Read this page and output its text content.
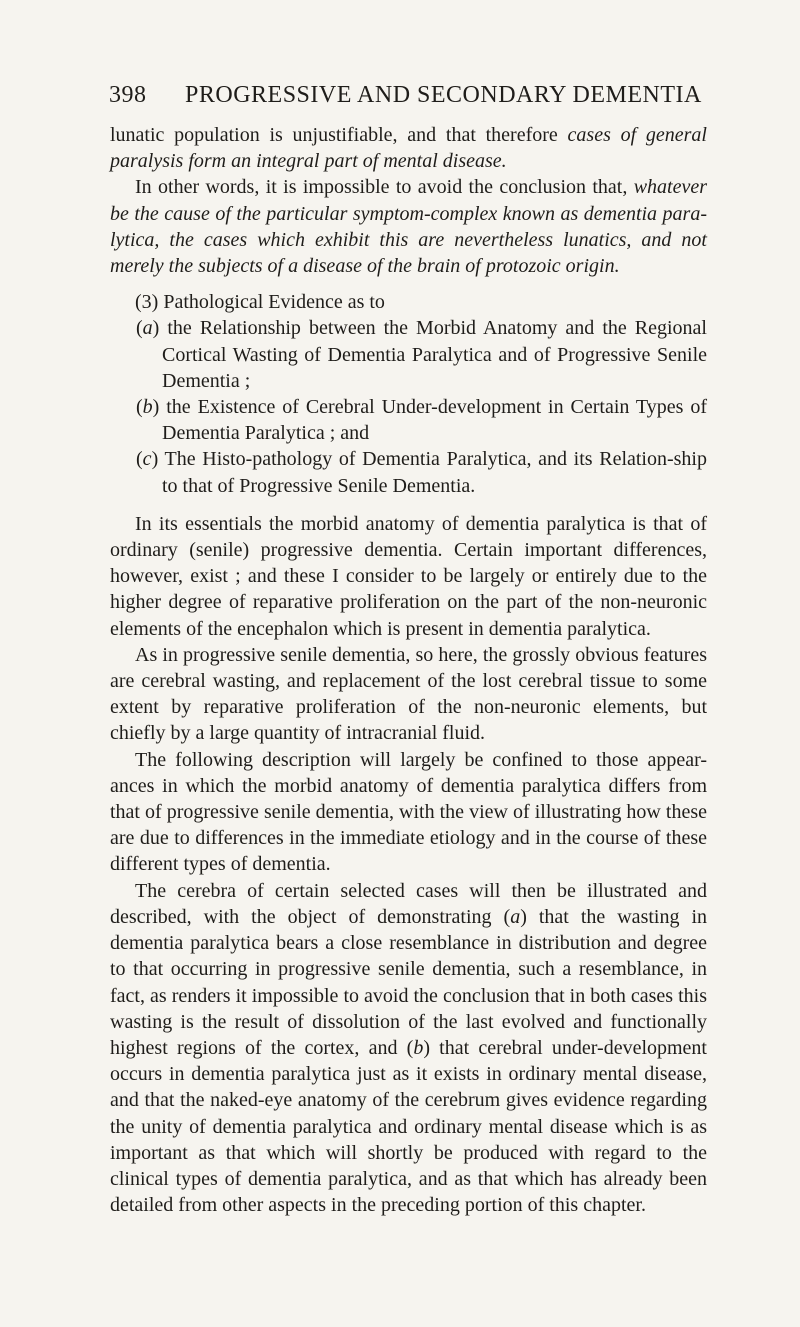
398 PROGRESSIVE AND SECONDARY DEMENTIA

lunatic population is unjustifiable, and that therefore cases of general paralysis form an integral part of mental disease.

In other words, it is impossible to avoid the conclusion that, whatever be the cause of the particular symptom-complex known as dementia para-lytica, the cases which exhibit this are nevertheless lunatics, and not merely the subjects of a disease of the brain of protozoic origin.

(3) Pathological Evidence as to

(a) the Relationship between the Morbid Anatomy and the Regional Cortical Wasting of Dementia Paralytica and of Progressive Senile Dementia ;

(b) the Existence of Cerebral Under-development in Certain Types of Dementia Paralytica ; and

(c) The Histo-pathology of Dementia Paralytica, and its Relation-ship to that of Progressive Senile Dementia.

In its essentials the morbid anatomy of dementia paralytica is that of ordinary (senile) progressive dementia. Certain important differences, however, exist ; and these I consider to be largely or entirely due to the higher degree of reparative proliferation on the part of the non-neuronic elements of the encephalon which is present in dementia paralytica.

As in progressive senile dementia, so here, the grossly obvious features are cerebral wasting, and replacement of the lost cerebral tissue to some extent by reparative proliferation of the non-neuronic elements, but chiefly by a large quantity of intracranial fluid.

The following description will largely be confined to those appear-ances in which the morbid anatomy of dementia paralytica differs from that of progressive senile dementia, with the view of illustrating how these are due to differences in the immediate etiology and in the course of these different types of dementia.

The cerebra of certain selected cases will then be illustrated and described, with the object of demonstrating (a) that the wasting in dementia paralytica bears a close resemblance in distribution and degree to that occurring in progressive senile dementia, such a resemblance, in fact, as renders it impossible to avoid the conclusion that in both cases this wasting is the result of dissolution of the last evolved and functionally highest regions of the cortex, and (b) that cerebral under-development occurs in dementia paralytica just as it exists in ordinary mental disease, and that the naked-eye anatomy of the cerebrum gives evidence regarding the unity of dementia paralytica and ordinary mental disease which is as important as that which will shortly be produced with regard to the clinical types of dementia paralytica, and as that which has already been detailed from other aspects in the preceding portion of this chapter.
